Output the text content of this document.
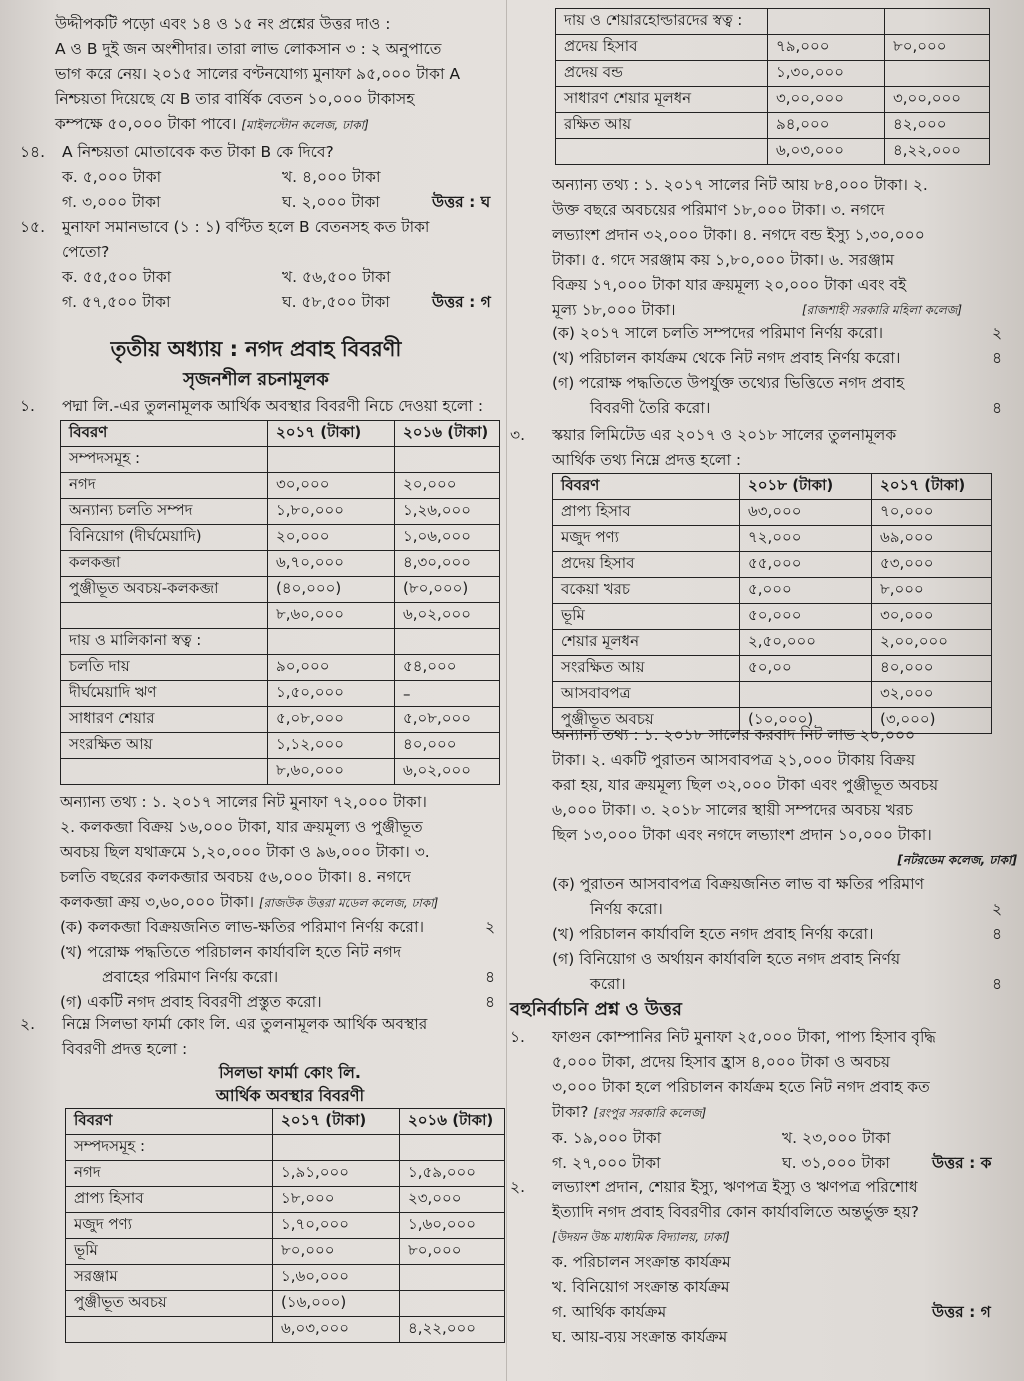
উদ্দীপকটি পড়ো এবং ১৪ ও ১৫ নং প্রশ্নের উত্তর দাও :
A ও B দুই জন অংশীদার। তারা লাভ লোকসান ৩ : ২ অনুপাতে
ভাগ করে নেয়। ২০১৫ সালের বণ্টনযোগ্য মুনাফা ৯৫,০০০ টাকা A
নিশ্চয়তা দিয়েছে যে B তার বার্ষিক বেতন ১০,০০০ টাকাসহ
কম্পক্ষে ৫০,০০০ টাকা পাবে। [মাইলস্টোন কলেজ, ঢাকা]
১৪. A নিশ্চয়তা মোতাবেক কত টাকা B কে দিবে?
ক. ৫,০০০ টাকা	খ. ৪,০০০ টাকা
গ. ৩,০০০ টাকা	ঘ. ২,০০০ টাকা	উত্তর : ঘ
১৫. মুনাফা সমানভাবে (১ : ১) বণ্টিত হলে B বেতনসহ কত টাকা
পেতো?
ক. ৫৫,৫০০ টাকা	খ. ৫৬,৫০০ টাকা
গ. ৫৭,৫০০ টাকা	ঘ. ৫৮,৫০০ টাকা	উত্তর : গ
তৃতীয় অধ্যায় : নগদ প্রবাহ বিবরণী
সৃজনশীল রচনামূলক
১. পদ্মা লি.-এর তুলনামূলক আর্থিক অবস্থার বিবরণী নিচে দেওয়া হলো :
বিবরণ	২০১৭ (টাকা)	২০১৬ (টাকা)
সম্পদসমূহ :		
নগদ	৩০,০০০	২০,০০০
অন্যান্য চলতি সম্পদ	১,৮০,০০০	১,২৬,০০০
বিনিয়োগ (দীর্ঘমেয়াদি)	২০,০০০	১,০৬,০০০
কলকব্জা	৬,৭০,০০০	৪,৩০,০০০
পুঞ্জীভূত অবচয়-কলকব্জা	(৪০,০০০)	(৮০,০০০)
	৮,৬০,০০০	৬,০২,০০০
দায় ও মালিকানা স্বত্ব :		
চলতি দায়	৯০,০০০	৫৪,০০০
দীর্ঘমেয়াদি ঋণ	১,৫০,০০০	–
সাধারণ শেয়ার	৫,০৮,০০০	৫,০৮,০০০
সংরক্ষিত আয়	১,১২,০০০	৪০,০০০
	৮,৬০,০০০	৬,০২,০০০
অন্যান্য তথ্য : ১. ২০১৭ সালের নিট মুনাফা ৭২,০০০ টাকা।
২. কলকব্জা বিক্রয় ১৬,০০০ টাকা, যার ক্রয়মূল্য ও পুঞ্জীভূত
অবচয় ছিল যথাক্রমে ১,২০,০০০ টাকা ও ৯৬,০০০ টাকা। ৩.
চলতি বছরের কলকব্জার অবচয় ৫৬,০০০ টাকা। ৪. নগদে
কলকব্জা ক্রয় ৩,৬০,০০০ টাকা। [রাজউক উত্তরা মডেল কলেজ, ঢাকা]
(ক) কলকব্জা বিক্রয়জনিত লাভ-ক্ষতির পরিমাণ নির্ণয় করো।	২
(খ) পরোক্ষ পদ্ধতিতে পরিচালন কার্যাবলি হতে নিট নগদ
প্রবাহের পরিমাণ নির্ণয় করো।	৪
(গ) একটি নগদ প্রবাহ বিবরণী প্রস্তুত করো।	৪
২. নিম্নে সিলভা ফার্মা কোং লি. এর তুলনামূলক আর্থিক অবস্থার
বিবরণী প্রদত্ত হলো :
সিলভা ফার্মা কোং লি.
আর্থিক অবস্থার বিবরণী
বিবরণ	২০১৭ (টাকা)	২০১৬ (টাকা)
সম্পদসমূহ :		
নগদ	১,৯১,০০০	১,৫৯,০০০
প্রাপ্য হিসাব	১৮,০০০	২৩,০০০
মজুদ পণ্য	১,৭০,০০০	১,৬০,০০০
ভূমি	৮০,০০০	৮০,০০০
সরঞ্জাম	১,৬০,০০০	
পুঞ্জীভূত অবচয়	(১৬,০০০)	
	৬,০৩,০০০	৪,২২,০০০
দায় ও শেয়ারহোল্ডারদের স্বত্ব :		
প্রদেয় হিসাব	৭৯,০০০	৮০,০০০
প্রদেয় বন্ড	১,৩০,০০০	
সাধারণ শেয়ার মূলধন	৩,০০,০০০	৩,০০,০০০
রক্ষিত আয়	৯৪,০০০	৪২,০০০
	৬,০৩,০০০	৪,২২,০০০
অন্যান্য তথ্য : ১. ২০১৭ সালের নিট আয় ৮৪,০০০ টাকা। ২.
উক্ত বছরে অবচয়ের পরিমাণ ১৮,০০০ টাকা। ৩. নগদে
লভ্যাংশ প্রদান ৩২,০০০ টাকা। ৪. নগদে বন্ড ইস্যু ১,৩০,০০০
টাকা। ৫. গদে সরঞ্জাম কয় ১,৮০,০০০ টাকা। ৬. সরঞ্জাম
বিক্রয় ১৭,০০০ টাকা যার ক্রয়মূল্য ২০,০০০ টাকা এবং বই
মূল্য ১৮,০০০ টাকা।	[রাজশাহী সরকারি মহিলা কলেজ]
(ক) ২০১৭ সালে চলতি সম্পদের পরিমাণ নির্ণয় করো।	২
(খ) পরিচালন কার্যক্রম থেকে নিট নগদ প্রবাহ নির্ণয় করো।	৪
(গ) পরোক্ষ পদ্ধতিতে উপর্যুক্ত তথ্যের ভিত্তিতে নগদ প্রবাহ
বিবরণী তৈরি করো।	৪
৩. স্কয়ার লিমিটেড এর ২০১৭ ও ২০১৮ সালের তুলনামূলক
আর্থিক তথ্য নিম্নে প্রদত্ত হলো :
বিবরণ	২০১৮ (টাকা)	২০১৭ (টাকা)
প্রাপ্য হিসাব	৬৩,০০০	৭০,০০০
মজুদ পণ্য	৭২,০০০	৬৯,০০০
প্রদেয় হিসাব	৫৫,০০০	৫৩,০০০
বকেয়া খরচ	৫,০০০	৮,০০০
ভূমি	৫০,০০০	৩০,০০০
শেয়ার মূলধন	২,৫০,০০০	২,০০,০০০
সংরক্ষিত আয়	৫০,০০	৪০,০০০
আসবাবপত্র		৩২,০০০
পুঞ্জীভূত অবচয়	(১০,০০০)	(৩,০০০)
অন্যান্য তথ্য : ১. ২০১৮ সালের করবাদ নিট লাভ ২০,০০০
টাকা। ২. একটি পুরাতন আসবাবপত্র ২১,০০০ টাকায় বিক্রয়
করা হয়, যার ক্রয়মূল্য ছিল ৩২,০০০ টাকা এবং পুঞ্জীভূত অবচয়
৬,০০০ টাকা। ৩. ২০১৮ সালের স্থায়ী সম্পদের অবচয় খরচ
ছিল ১৩,০০০ টাকা এবং নগদে লভ্যাংশ প্রদান ১০,০০০ টাকা।
[নটরডেম কলেজ, ঢাকা]
(ক) পুরাতন আসবাবপত্র বিক্রয়জনিত লাভ বা ক্ষতির পরিমাণ
নির্ণয় করো।	২
(খ) পরিচালন কার্যাবলি হতে নগদ প্রবাহ নির্ণয় করো।	৪
(গ) বিনিয়োগ ও অর্থায়ন কার্যাবলি হতে নগদ প্রবাহ নির্ণয়
করো।	৪
বহুনির্বাচনি প্রশ্ন ও উত্তর
১. ফাগুন কোম্পানির নিট মুনাফা ২৫,০০০ টাকা, পাপ্য হিসাব বৃদ্ধি
৫,০০০ টাকা, প্রদেয় হিসাব হ্রাস ৪,০০০ টাকা ও অবচয়
৩,০০০ টাকা হলে পরিচালন কার্যক্রম হতে নিট নগদ প্রবাহ কত
টাকা? [রংপুর সরকারি কলেজ]
ক. ১৯,০০০ টাকা	খ. ২৩,০০০ টাকা
গ. ২৭,০০০ টাকা	ঘ. ৩১,০০০ টাকা	উত্তর : ক
২. লভ্যাংশ প্রদান, শেয়ার ইস্যু, ঋণপত্র ইস্যু ও ঋণপত্র পরিশোধ
ইত্যাদি নগদ প্রবাহ বিবরণীর কোন কার্যাবলিতে অন্তর্ভুক্ত হয়?
[উদয়ন উচ্চ মাধ্যমিক বিদ্যালয়, ঢাকা]
ক. পরিচালন সংক্রান্ত কার্যক্রম
খ. বিনিয়োগ সংক্রান্ত কার্যক্রম
গ. আর্থিক কার্যক্রম	উত্তর : গ
ঘ. আয়-ব্যয় সংক্রান্ত কার্যক্রম
